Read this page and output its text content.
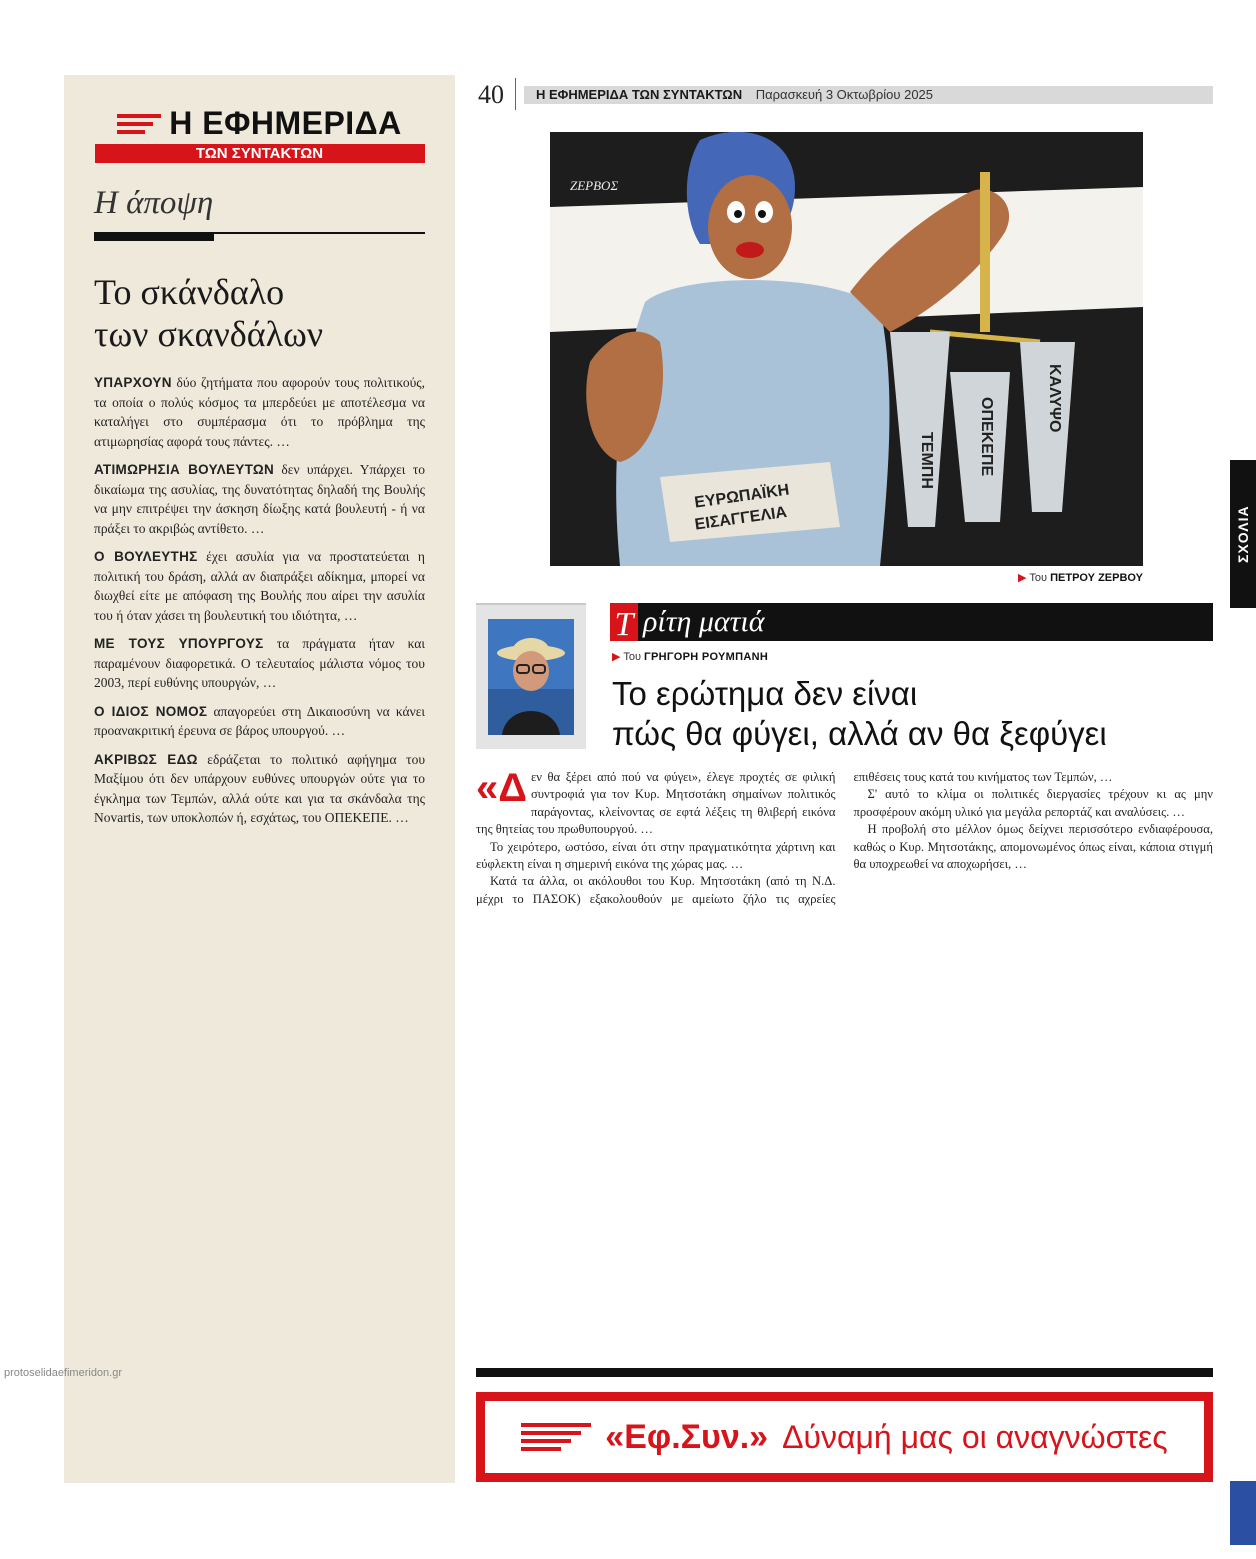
Η ΕΦΗΜΕΡΙΔΑ
ΤΩΝ ΣΥΝΤΑΚΤΩΝ
Η άποψη
Το σκάνδαλο
των σκανδάλων

ΥΠΑΡΧΟΥΝ δύο ζητήματα που αφορούν τους πολιτικούς, τα οποία ο πολύς κόσμος τα μπερδεύει με αποτέλεσμα να καταλήγει στο συμπέρασμα ότι το πρόβλημα της ατιμωρησίας αφορά τους πάντες. …

ΑΤΙΜΩΡΗΣΙΑ ΒΟΥΛΕΥΤΩΝ δεν υπάρχει. Υπάρχει το δικαίωμα της ασυλίας, της δυνατότητας δηλαδή της Βουλής να μην επιτρέψει την άσκηση δίωξης κατά βουλευτή - ή να πράξει το ακριβώς αντίθετο. …

Ο ΒΟΥΛΕΥΤΗΣ έχει ασυλία για να προστατεύεται η πολιτική του δράση, αλλά αν διαπράξει αδίκημα, μπορεί να διωχθεί είτε με απόφαση της Βουλής που αίρει την ασυλία του ή όταν χάσει τη βουλευτική του ιδιότητα, …

ΜΕ ΤΟΥΣ ΥΠΟΥΡΓΟΥΣ τα πράγματα ήταν και παραμένουν διαφορετικά. Ο τελευταίος μάλιστα νόμος του 2003, περί ευθύνης υπουργών, …

Ο ΙΔΙΟΣ ΝΟΜΟΣ απαγορεύει στη Δικαιοσύνη να κάνει προανακριτική έρευνα σε βάρος υπουργού. …

ΑΚΡΙΒΩΣ ΕΔΩ εδράζεται το πολιτικό αφήγημα του Μαξίμου ότι δεν υπάρχουν ευθύνες υπουργών ούτε για το έγκλημα των Τεμπών, αλλά ούτε και για τα σκάνδαλα της Novartis, των υποκλοπών ή, εσχάτως, του ΟΠΕΚΕΠΕ. …

protoselidaefimeridon.gr
40	Η ΕΦΗΜΕΡΙΔΑ ΤΩΝ ΣΥΝΤΑΚΤΩΝ Παρασκευή 3 Οκτωβρίου 2025
ΖΕΡΒΟΣ
ΤΕΜΠΗ	ΟΠΕΚΕΠΕ	ΚΑΛΥΨΟ
ΕΥΡΩΠΑΪΚΗ
ΕΙΣΑΓΓΕΛΙΑ
▶ Του ΠΕΤΡΟΥ ΖΕΡΒΟΥ
ΣΧΟΛΙΑ
Τ ρίτη ματιά
▶ Του ΓΡΗΓΟΡΗ ΡΟΥΜΠΑΝΗ
Το ερώτημα δεν είναι
πώς θα φύγει, αλλά αν θα ξεφύγει

«Δεν θα ξέρει από πού να φύγει», έλεγε προχτές σε φιλική συντροφιά για τον Κυρ. Μητσοτάκη σημαίνων πολιτικός παράγοντας, κλείνοντας σε εφτά λέξεις τη θλιβερή εικόνα της θητείας του πρωθυπουργού. …

Το χειρότερο, ωστόσο, είναι ότι στην πραγματικότητα χάρτινη και εύφλεκτη είναι η σημερινή εικόνα της χώρας μας. …

Κατά τα άλλα, οι ακόλουθοι του Κυρ. Μητσοτάκη (από τη Ν.Δ. μέχρι το ΠΑΣΟΚ) εξακολουθούν με αμείωτο ζήλο τις αχρείες επιθέσεις τους κατά του κινήματος των Τεμπών, …

Σ' αυτό το κλίμα οι πολιτικές διεργασίες τρέχουν κι ας μην προσφέρουν ακόμη υλικό για μεγάλα ρεπορτάζ και αναλύσεις. …

Η προβολή στο μέλλον όμως δείχνει περισσότερο ενδιαφέρουσα, καθώς ο Κυρ. Μητσοτάκης, απομονωμένος όπως είναι, κάποια στιγμή θα υποχρεωθεί να αποχωρήσει, …

«Εφ.Συν.» Δύναμή μας οι αναγνώστες
